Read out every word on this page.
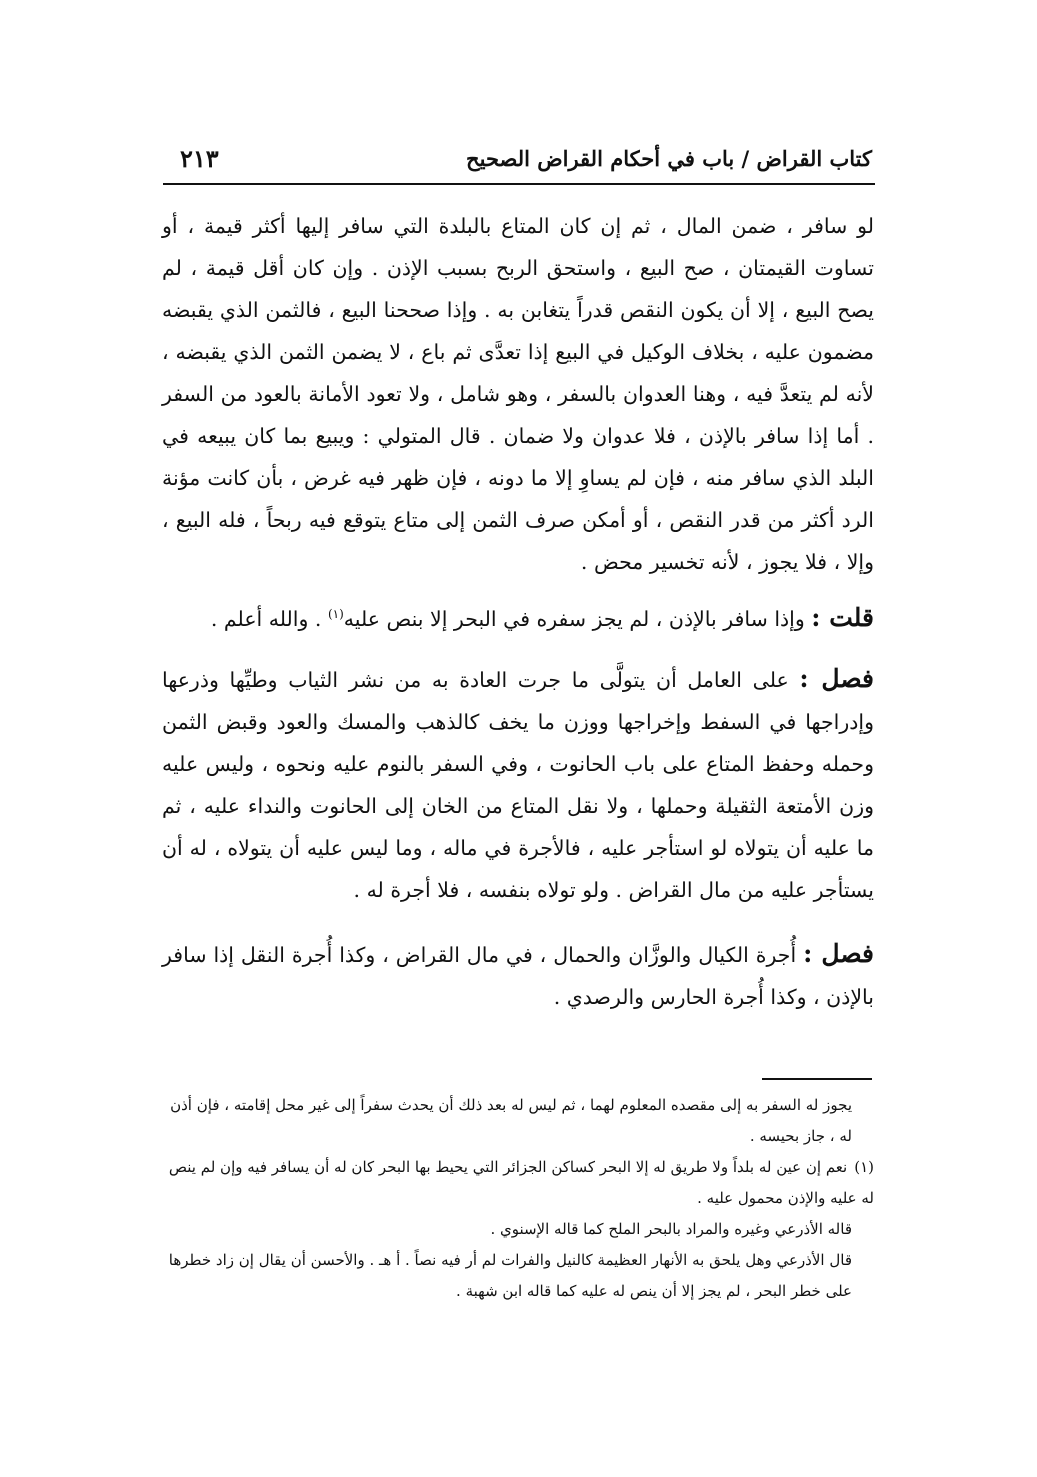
كتاب القراض / باب في أحكام القراض الصحيح
٢١٣

لو سافر ، ضمن المال ، ثم إن كان المتاع بالبلدة التي سافر إليها أكثر قيمة ، أو تساوت القيمتان ، صح البيع ، واستحق الربح بسبب الإذن . وإن كان أقل قيمة ، لم يصح البيع ، إلا أن يكون النقص قدراً يتغابن به . وإذا صححنا البيع ، فالثمن الذي يقبضه مضمون عليه ، بخلاف الوكيل في البيع إذا تعدَّى ثم باع ، لا يضمن الثمن الذي يقبضه ، لأنه لم يتعدَّ فيه ، وهنا العدوان بالسفر ، وهو شامل ، ولا تعود الأمانة بالعود من السفر . أما إذا سافر بالإذن ، فلا عدوان ولا ضمان . قال المتولي : ويبيع بما كان يبيعه في البلد الذي سافر منه ، فإن لم يساوِ إلا ما دونه ، فإن ظهر فيه غرض ، بأن كانت مؤنة الرد أكثر من قدر النقص ، أو أمكن صرف الثمن إلى متاع يتوقع فيه ربحاً ، فله البيع ، وإلا ، فلا يجوز ، لأنه تخسير محض .

قلت : وإذا سافر بالإذن ، لم يجز سفره في البحر إلا بنص عليه$^{(١)}$ . والله أعلم .

فصل : على العامل أن يتولَّى ما جرت العادة به من نشر الثياب وطيِّها وذرعها وإدراجها في السفط وإخراجها ووزن ما يخف كالذهب والمسك والعود وقبض الثمن وحمله وحفظ المتاع على باب الحانوت ، وفي السفر بالنوم عليه ونحوه ، وليس عليه وزن الأمتعة الثقيلة وحملها ، ولا نقل المتاع من الخان إلى الحانوت والنداء عليه ، ثم ما عليه أن يتولاه لو استأجر عليه ، فالأجرة في ماله ، وما ليس عليه أن يتولاه ، له أن يستأجر عليه من مال القراض . ولو تولاه بنفسه ، فلا أجرة له .

فصل : أُجرة الكيال والوزَّان والحمال ، في مال القراض ، وكذا أُجرة النقل إذا سافر بالإذن ، وكذا أُجرة الحارس والرصدي .

يجوز له السفر به إلى مقصده المعلوم لهما ، ثم ليس له بعد ذلك أن يحدث سفراً إلى غير محل إقامته ، فإن أذن له ، جاز بحيسه .

(١) نعم إن عين له بلداً ولا طريق له إلا البحر كساكن الجزائر التي يحيط بها البحر كان له أن يسافر فيه وإن لم ينص له عليه والإذن محمول عليه .

قاله الأذرعي وغيره والمراد بالبحر الملح كما قاله الإسنوي .

قال الأذرعي وهل يلحق به الأنهار العظيمة كالنيل والفرات لم أر فيه نصاً . أ هـ . والأحسن أن يقال إن زاد خطرها على خطر البحر ، لم يجز إلا أن ينص له عليه كما قاله ابن شهبة .
